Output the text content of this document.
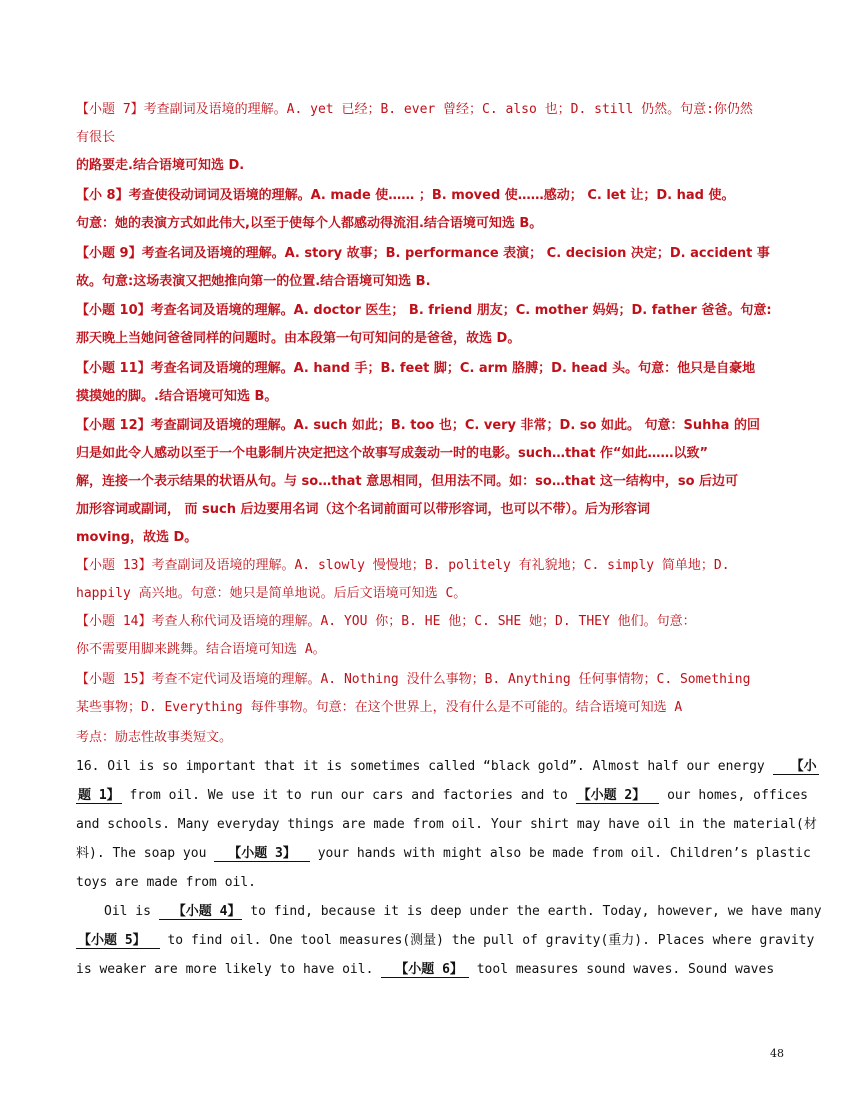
【小题 7】考查副词及语境的理解。A. yet 已经；B. ever 曾经；C. also 也；D. still 仍然。句意:你仍然
有很长
的路要走.结合语境可知选 D.
【小 8】考查使役动词词及语境的理解。A. made 使…… ；B. moved 使……感动； C. let 让；D. had 使。
句意：她的表演方式如此伟大,以至于使每个人都感动得流泪.结合语境可知选 B。
【小题 9】考查名词及语境的理解。A. story 故事；B. performance 表演； C. decision 决定；D. accident 事
故。句意:这场表演又把她推向第一的位置.结合语境可知选 B.
【小题 10】考查名词及语境的理解。A. doctor 医生； B. friend 朋友；C. mother 妈妈；D. father 爸爸。句意:
那天晚上当她问爸爸同样的问题时。由本段第一句可知问的是爸爸，故选 D。
【小题 11】考查名词及语境的理解。A. hand 手；B. feet 脚；C. arm 胳膊；D. head 头。句意：他只是自豪地
摸摸她的脚。.结合语境可知选 B。
【小题 12】考查副词及语境的理解。A. such 如此；B. too 也；C. very 非常；D. so 如此。 句意：Suhha 的回
归是如此令人感动以至于一个电影制片决定把这个故事写成轰动一时的电影。such…that 作“如此……以致”
解，连接一个表示结果的状语从句。与 so…that 意思相同，但用法不同。如：so…that 这一结构中，so 后边可
加形容词或副词， 而 such 后边要用名词（这个名词前面可以带形容词，也可以不带）。后为形容词
moving，故选 D。
【小题 13】考查副词及语境的理解。A. slowly 慢慢地；B. politely 有礼貌地；C. simply 简单地；D.
happily 高兴地。句意：她只是简单地说。后后文语境可知选 C。
【小题 14】考查人称代词及语境的理解。A. YOU 你；B. HE 他；C. SHE 她；D. THEY 他们。句意：
你不需要用脚来跳舞。结合语境可知选 A。
【小题 15】考查不定代词及语境的理解。A. Nothing 没什么事物；B. Anything 任何事情物；C. Something
某些事物；D. Everything 每件事物。句意：在这个世界上，没有什么是不可能的。结合语境可知选 A
考点：励志性故事类短文。
16. Oil is so important that it is sometimes called “black gold”. Almost half our energy 【小
题 1】 from oil. We use it to run our cars and factories and to 【小题 2】 our homes, offices
and schools. Many everyday things are made from oil. Your shirt may have oil in the material(材
料). The soap you 【小题 3】 your hands with might also be made from oil. Children’s plastic
toys are made from oil.
Oil is 【小题 4】 to find, because it is deep under the earth. Today, however, we have many
【小题 5】 to find oil. One tool measures(测量) the pull of gravity(重力). Places where gravity
is weaker are more likely to have oil. 【小题 6】 tool measures sound waves. Sound waves
48
